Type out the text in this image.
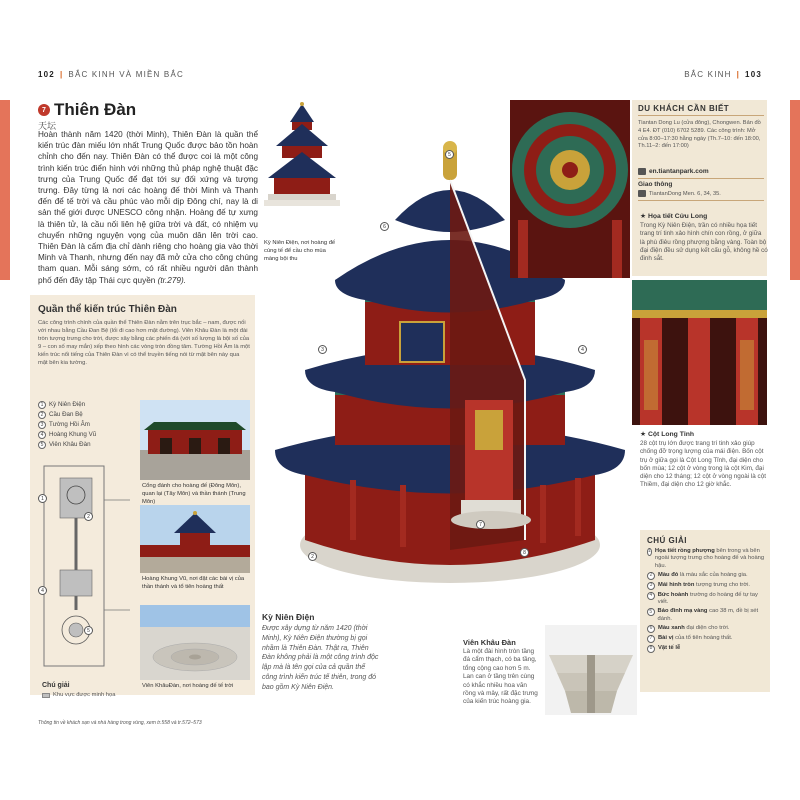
102 | BẮC KINH VÀ MIỀN BẮC	BẮC KINH | 103
7 Thiên Đàn
天坛
Hoàn thành năm 1420 (thời Minh), Thiên Đàn là quần thể kiến trúc đàn miếu lớn nhất Trung Quốc được bảo tồn hoàn chỉnh cho đến nay. Thiên Đàn có thể được coi là một công trình kiến trúc điển hình với những thủ pháp nghệ thuật đặc trưng của Trung Quốc để đạt tới sự đối xứng và tượng trưng. Đây từng là nơi các hoàng đế thời Minh và Thanh đến để tế trời và cầu phúc vào mỗi dịp Đông chí, nay là di sản thế giới được UNESCO công nhận. Hoàng đế tự xưng là thiên tử, là cầu nối liên hệ giữa trời và đất, có nhiệm vụ chuyển những nguyện vọng của muôn dân lên trời cao. Thiên Đàn là cấm địa chỉ dành riêng cho hoàng gia vào thời Minh và Thanh, nhưng đến nay đã mở cửa cho công chúng tham quan. Mỗi sáng sớm, có rất nhiều người dân thành phố đến đây tập Thái cực quyền (tr.279).
Kỳ Niên Điện, nơi hoàng đế cúng tế để cầu cho mùa màng bội thu
Quần thể kiến trúc Thiên Đàn
Các công trình chính của quần thể Thiên Đàn nằm trên trục bắc – nam, được nối với nhau bằng Cầu Đan Bệ (lối đi cao hơn mặt đường). Viên Khâu Đàn là một đài tròn tượng trưng cho trời, được xây bằng các phiến đá (với số lượng là bội số của 9 – con số may mắn) xếp theo hình các vòng tròn đồng tâm. Tường Hồi Âm là một kiến trúc nổi tiếng của Thiên Đàn vì có thể truyền tiếng nói từ mặt bên này qua mặt bên kia tường.
1 Kỳ Niên Điện
2 Cầu Đan Bệ
3 Tường Hồi Âm
4 Hoàng Khung Vũ
5 Viên Khâu Đàn
1
2
4
5
Cổng đánh cho hoàng đế (Đông Môn), quan lại (Tây Môn) và thần thánh (Trung Môn)
Hoàng Khung Vũ, nơi đặt các bài vị của thần thánh và tổ tiên hoàng thất
Viên KhâuĐàn, nơi hoàng đế tế trời
Chú giải
Khu vực được minh họa
5
6
3	4
2
7
8
Kỳ Niên Điện
Được xây dựng từ năm 1420 (thời Minh), Kỳ Niên Điện thường bị gọi nhầm là Thiên Đàn. Thật ra, Thiên Đàn không phải là một công trình độc lập mà là tên gọi của cả quần thể công trình kiến trúc tế thiên, trong đó bao gồm Kỳ Niên Điện.
Viên Khâu Đàn
Là một đài hình tròn tầng đá cẩm thạch, có ba tầng, tổng cộng cao hơn 5 m. Lan can ở tầng trên cùng có khắc nhiều hoa văn rồng và mây, rất đặc trưng của kiến trúc hoàng gia.
DU KHÁCH CẦN BIẾT
Tiantan Dong Lu (cửa đông), Chongwen. Bản đồ 4 E4. ĐT (010) 6702 5289. Các công trình: Mở cửa 8:00–17:30 hằng ngày (Th.7–10: đến 18:00, Th.11–2: đến 17:00)
en.tiantanpark.com
Giao thông
TiantanDong Men. 6, 34, 35.
★ Họa tiết Cửu Long
Trong Kỳ Niên Điện, trần có nhiều họa tiết trang trí tinh xảo hình chín con rồng, ở giữa là phù điêu rồng phượng bằng vàng. Toàn bộ đại điện đều sử dụng kết cấu gỗ, không hề có đinh sắt.
★ Cột Long Tỉnh
28 cột trụ lớn được trang trí tinh xảo giúp chống đỡ trọng lượng của mái điện. Bốn cột trụ ở giữa gọi là Cột Long Tỉnh, đại diện cho bốn mùa; 12 cột ở vòng trong là cột Kim, đại diện cho 12 tháng; 12 cột ở vòng ngoài là cột Thiềm, đại diện cho 12 giờ khắc.
CHÚ GIẢI
1 Họa tiết rồng phượng bên trong và bên ngoài tượng trưng cho hoàng đế và hoàng hậu.
2 Màu đỏ là màu sắc của hoàng gia.
3 Mái hình tròn tượng trưng cho trời.
4 Bức hoành trường do hoàng đế tự tay viết.
5 Bảo đỉnh mạ vàng cao 38 m, đề bị sét đánh.
6 Màu xanh đại diện cho trời.
7 Bài vị của tổ tiên hoàng thất.
8 Vật tế lễ
Thông tin về khách sạn và nhà hàng trong vùng, xem tr.558 và tr.572–573
